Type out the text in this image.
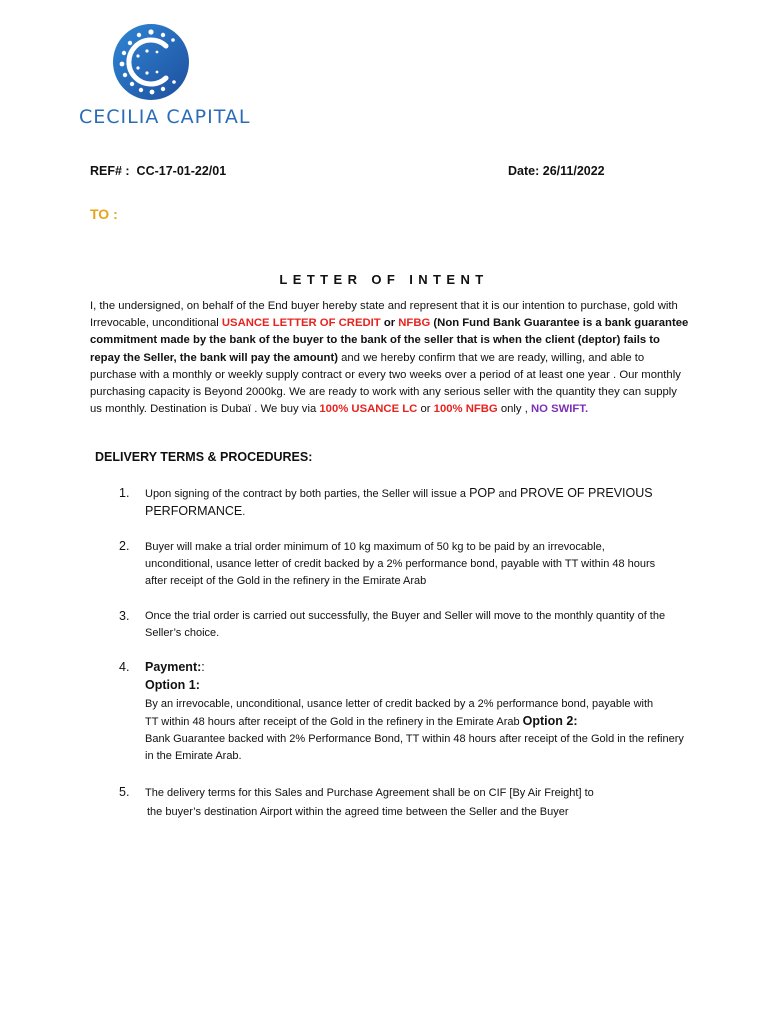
CECILIA CAPITAL
REF# : CC-17-01-22/01	Date: 26/11/2022
TO :
LETTER OF INTENT
I, the undersigned, on behalf of the End buyer hereby state and represent that it is our intention to purchase, gold with Irrevocable, unconditional USANCE LETTER OF CREDIT or NFBG (Non Fund Bank Guarantee is a bank guarantee commitment made by the bank of the buyer to the bank of the seller that is when the client (deptor) fails to repay the Seller, the bank will pay the amount) and we hereby confirm that we are ready, willing, and able to purchase with a monthly or weekly supply contract or every two weeks over a period of at least one year . Our monthly purchasing capacity is Beyond 2000kg. We are ready to work with any serious seller with the quantity they can supply us monthly. Destination is Dubaï . We buy via 100% USANCE LC or 100% NFBG only , NO SWIFT.
DELIVERY TERMS & PROCEDURES:
1. Upon signing of the contract by both parties, the Seller will issue a POP and PROVE OF PREVIOUS PERFORMANCE.
2. Buyer will make a trial order minimum of 10 kg maximum of 50 kg to be paid by an irrevocable, unconditional, usance letter of credit backed by a 2% performance bond, payable with TT within 48 hours after receipt of the Gold in the refinery in the Emirate Arab
3. Once the trial order is carried out successfully, the Buyer and Seller will move to the monthly quantity of the Seller’s choice.
4. Payment::
Option 1:
By an irrevocable, unconditional, usance letter of credit backed by a 2% performance bond, payable with TT within 48 hours after receipt of the Gold in the refinery in the Emirate Arab Option 2:
Bank Guarantee backed with 2% Performance Bond, TT within 48 hours after receipt of the Gold in the refinery in the Emirate Arab.
5. The delivery terms for this Sales and Purchase Agreement shall be on CIF [By Air Freight] to
the buyer’s destination Airport within the agreed time between the Seller and the Buyer
